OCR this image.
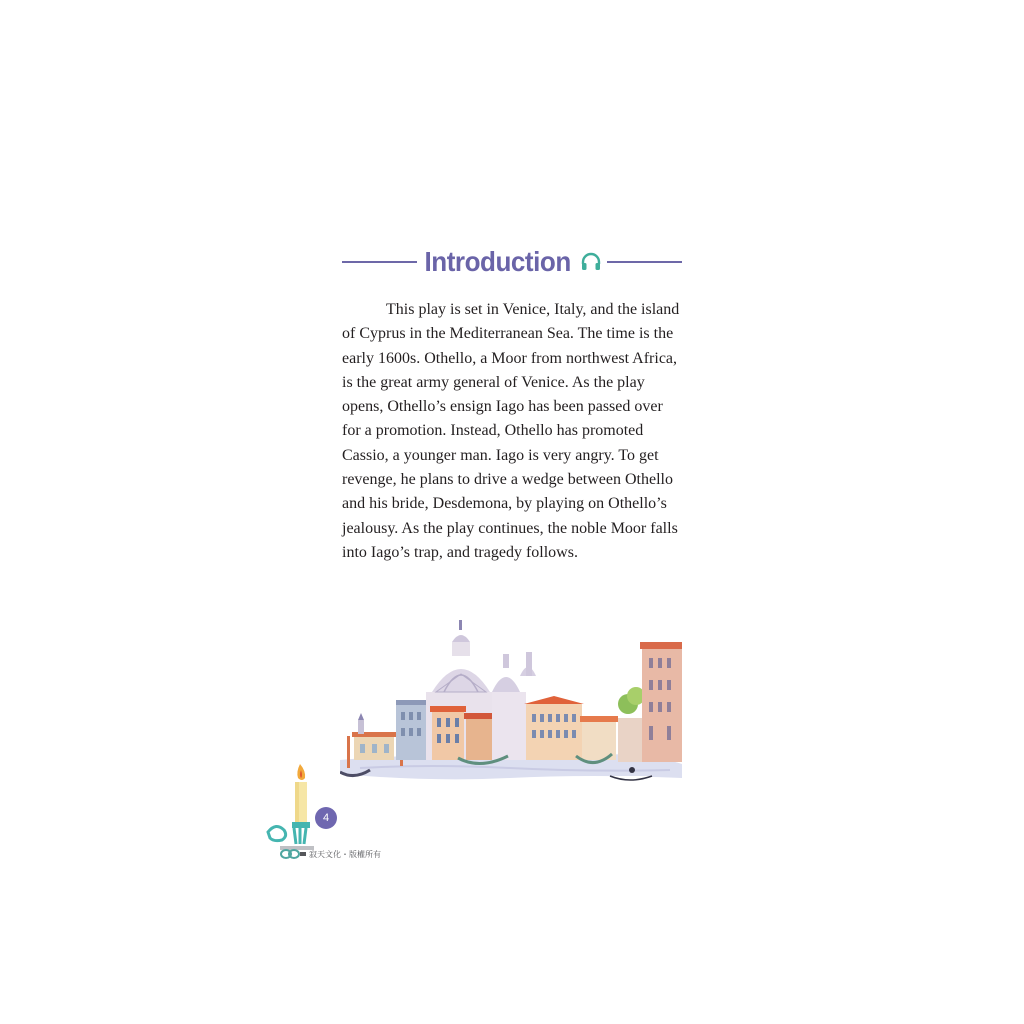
Introduction

This play is set in Venice, Italy, and the island of Cyprus in the Mediterranean Sea. The time is the early 1600s. Othello, a Moor from northwest Africa, is the great army general of Venice. As the play opens, Othello’s ensign Iago has been passed over for a promotion. Instead, Othello has promoted Cassio, a younger man. Iago is very angry. To get revenge, he plans to drive a wedge between Othello and his bride, Desdemona, by playing on Othello’s jealousy. As the play continues, the noble Moor falls into Iago’s trap, and tragedy follows.

4
寂天文化・版權所有
